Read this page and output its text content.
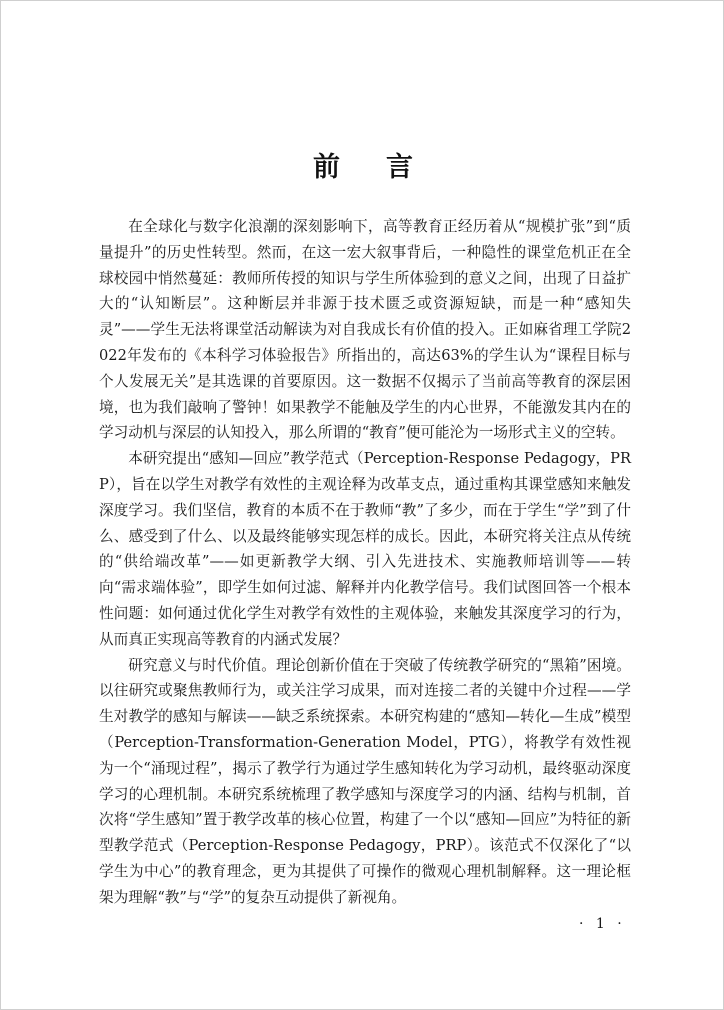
前言

在全球化与数字化浪潮的深刻影响下，高等教育正经历着从“规模扩张”到“质量提升”的历史性转型。然而，在这一宏大叙事背后，一种隐性的课堂危机正在全球校园中悄然蔓延：教师所传授的知识与学生所体验到的意义之间，出现了日益扩大的“认知断层”。这种断层并非源于技术匮乏或资源短缺，而是一种“感知失灵”——学生无法将课堂活动解读为对自我成长有价值的投入。正如麻省理工学院2022年发布的《本科学习体验报告》所指出的，高达63%的学生认为“课程目标与个人发展无关”是其选课的首要原因。这一数据不仅揭示了当前高等教育的深层困境，也为我们敲响了警钟！如果教学不能触及学生的内心世界，不能激发其内在的学习动机与深层的认知投入，那么所谓的“教育”便可能沦为一场形式主义的空转。

本研究提出“感知—回应”教学范式（Perception-Response Pedagogy，PRP），旨在以学生对教学有效性的主观诠释为改革支点，通过重构其课堂感知来触发深度学习。我们坚信，教育的本质不在于教师“教”了多少，而在于学生“学”到了什么、感受到了什么、以及最终能够实现怎样的成长。因此，本研究将关注点从传统的“供给端改革”——如更新教学大纲、引入先进技术、实施教师培训等——转向“需求端体验”，即学生如何过滤、解释并内化教学信号。我们试图回答一个根本性问题：如何通过优化学生对教学有效性的主观体验，来触发其深度学习的行为，从而真正实现高等教育的内涵式发展？

研究意义与时代价值。理论创新价值在于突破了传统教学研究的“黑箱”困境。以往研究或聚焦教师行为，或关注学习成果，而对连接二者的关键中介过程——学生对教学的感知与解读——缺乏系统探索。本研究构建的“感知—转化—生成”模型（Perception-Transformation-Generation Model，PTG），将教学有效性视为一个“涌现过程”，揭示了教学行为通过学生感知转化为学习动机，最终驱动深度学习的心理机制。本研究系统梳理了教学感知与深度学习的内涵、结构与机制，首次将“学生感知”置于教学改革的核心位置，构建了一个以“感知—回应”为特征的新型教学范式（Perception-Response Pedagogy，PRP）。该范式不仅深化了“以学生为中心”的教育理念，更为其提供了可操作的微观心理机制解释。这一理论框架为理解“教”与“学”的复杂互动提供了新视角。

· 1 ·
